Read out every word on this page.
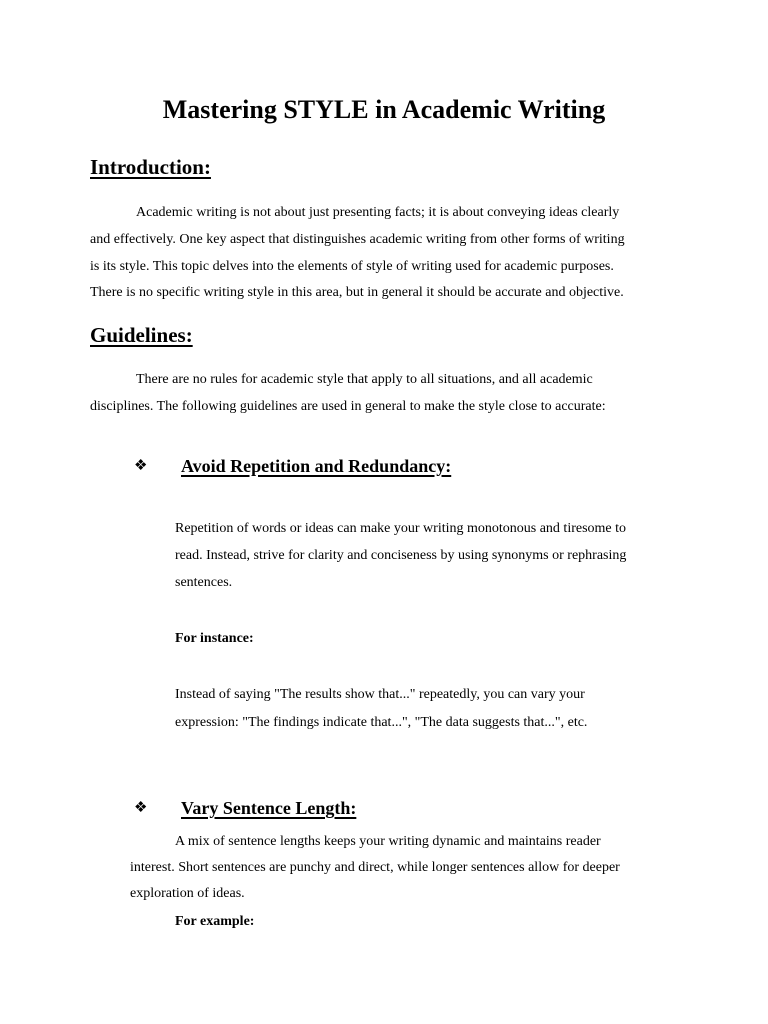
Mastering STYLE in Academic Writing
Introduction:
Academic writing is not about just presenting facts; it is about conveying ideas clearly
and effectively. One key aspect that distinguishes academic writing from other forms of writing
is its style. This topic delves into the elements of style of writing used for academic purposes.
There is no specific writing style in this area, but in general it should be accurate and objective.
Guidelines:
There are no rules for academic style that apply to all situations, and all academic
disciplines. The following guidelines are used in general to make the style close to accurate:
❖ Avoid Repetition and Redundancy:
Repetition of words or ideas can make your writing monotonous and tiresome to
read. Instead, strive for clarity and conciseness by using synonyms or rephrasing
sentences.
For instance:
Instead of saying "The results show that..." repeatedly, you can vary your
expression: "The findings indicate that...", "The data suggests that...", etc.
❖ Vary Sentence Length:
A mix of sentence lengths keeps your writing dynamic and maintains reader
interest. Short sentences are punchy and direct, while longer sentences allow for deeper
exploration of ideas.
For example:
